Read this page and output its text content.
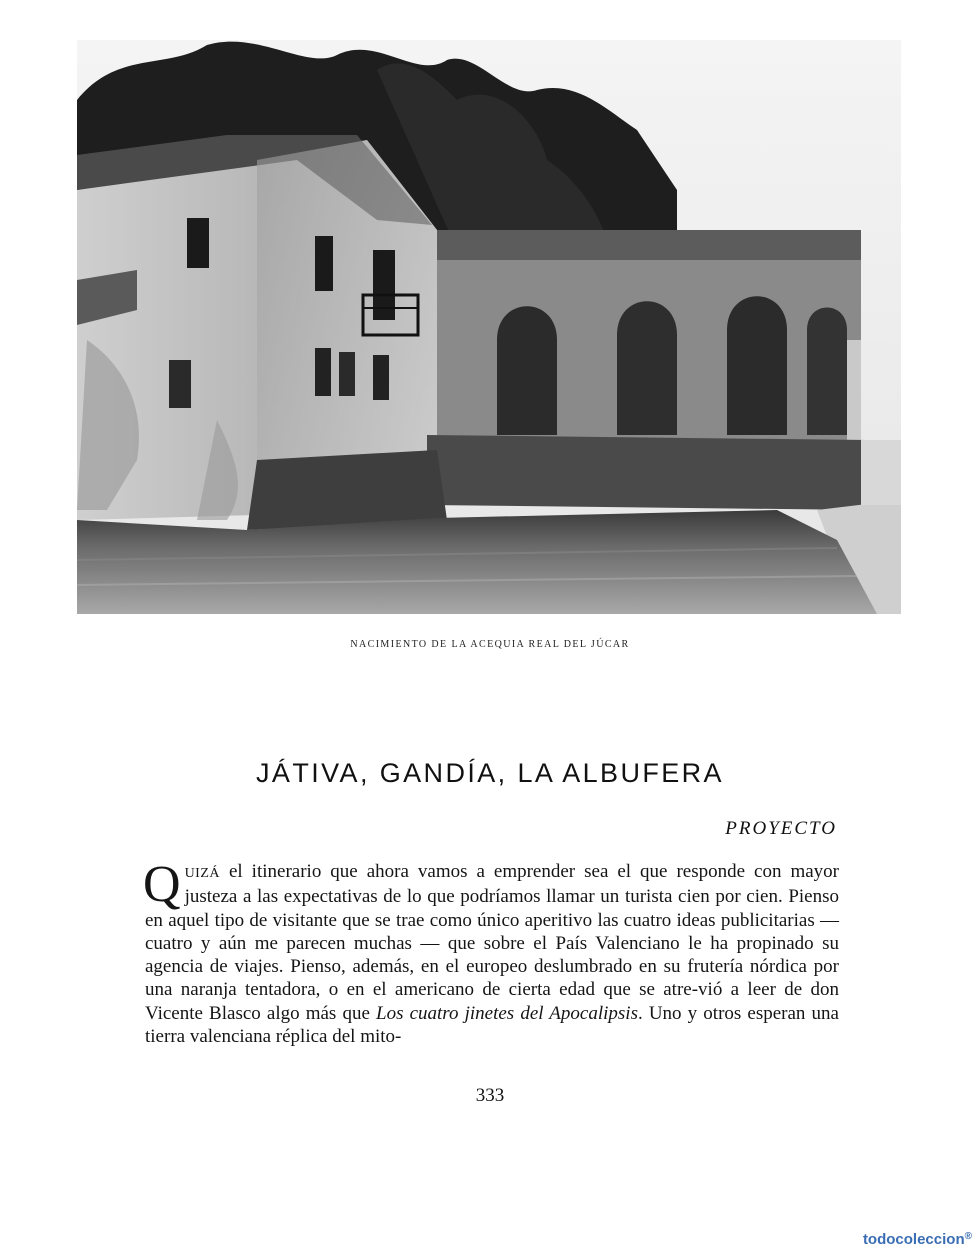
NACIMIENTO DE LA ACEQUIA REAL DEL JÚCAR
JÁTIVA, GANDÍA, LA ALBUFERA
PROYECTO
QUIZÁ el itinerario que ahora vamos a emprender sea el que responde con mayor justeza a las expectativas de lo que podríamos llamar un turista cien por cien. Pienso en aquel tipo de visitante que se trae como único aperitivo las cuatro ideas publicitarias — cuatro y aún me parecen muchas — que sobre el País Valenciano le ha propinado su agencia de viajes. Pienso, además, en el europeo deslumbrado en su frutería nórdica por una naranja tentadora, o en el americano de cierta edad que se atre-vió a leer de don Vicente Blasco algo más que Los cuatro jinetes del Apocalipsis. Uno y otros esperan una tierra valenciana réplica del mito-
333
todocoleccion®
